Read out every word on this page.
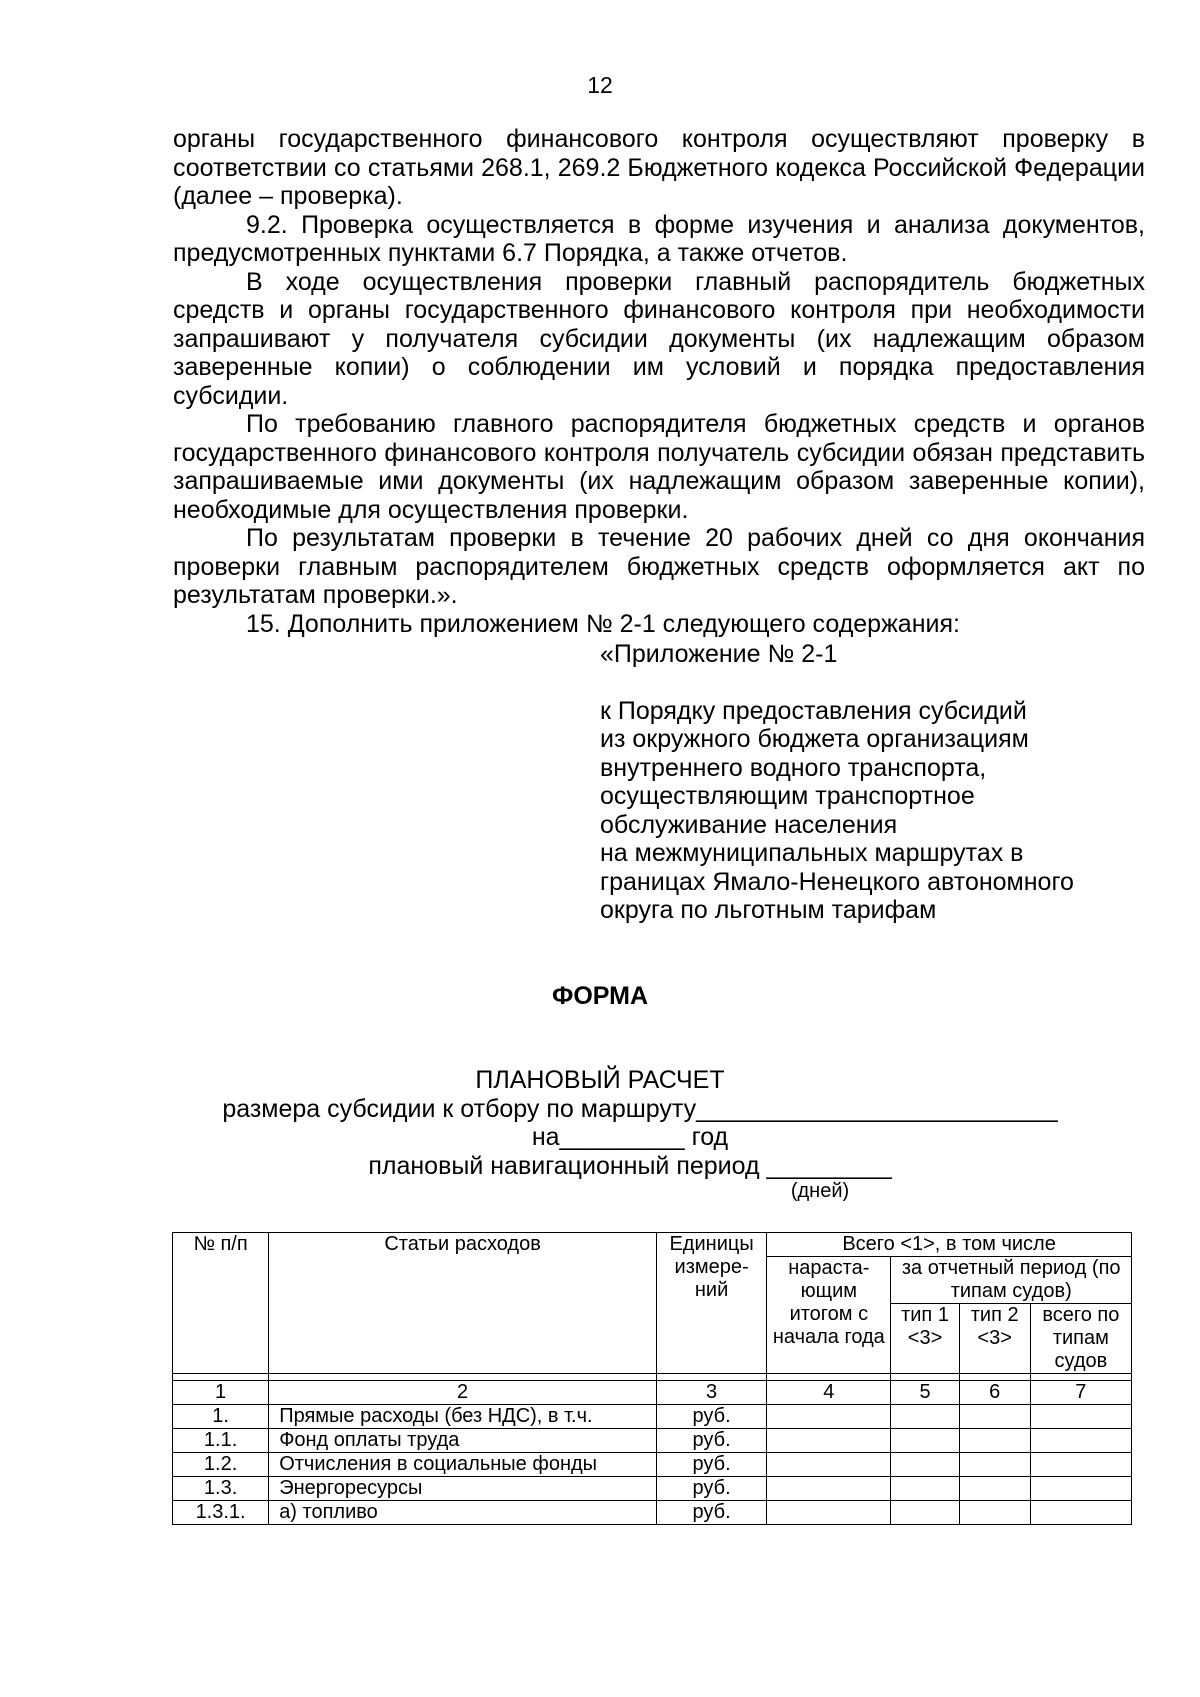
12

органы государственного финансового контроля осуществляют проверку в соответствии со статьями 268.1, 269.2 Бюджетного кодекса Российской Федерации (далее – проверка).

9.2. Проверка осуществляется в форме изучения и анализа документов, предусмотренных пунктами 6.7 Порядка, а также отчетов.

В ходе осуществления проверки главный распорядитель бюджетных средств и органы государственного финансового контроля при необходимости запрашивают у получателя субсидии документы (их надлежащим образом заверенные копии) о соблюдении им условий и порядка предоставления субсидии.

По требованию главного распорядителя бюджетных средств и органов государственного финансового контроля получатель субсидии обязан представить запрашиваемые ими документы (их надлежащим образом заверенные копии), необходимые для осуществления проверки.

По результатам проверки в течение 20 рабочих дней со дня окончания проверки главным распорядителем бюджетных средств оформляется акт по результатам проверки.».

15. Дополнить приложением № 2-1 следующего содержания:

«Приложение № 2-1
к Порядку предоставления субсидий
из окружного бюджета организациям
внутреннего водного транспорта,
осуществляющим транспортное
обслуживание населения
на межмуниципальных маршрутах в
границах Ямало-Ненецкого автономного
округа по льготным тарифам
ФОРМА
ПЛАНОВЫЙ РАСЧЕТ
размера субсидии к отбору по маршруту__________________________
на_________ год
плановый навигационный период _________
(дней)
№ п/п	Статьи расходов	Единицы измере-ний	Всего <1>, в том числе			
			нараста-ющим итогом с начала года	за отчетный период (по типам судов)		
				тип 1 <3>	тип 2 <3>	всего по типам судов

1	2	3	4	5	6	7
1.	Прямые расходы (без НДС), в т.ч.	руб.				
1.1.	Фонд оплаты труда	руб.				
1.2.	Отчисления в социальные фонды	руб.				
1.3.	Энергоресурсы	руб.				
1.3.1.	а) топливо	руб.				
